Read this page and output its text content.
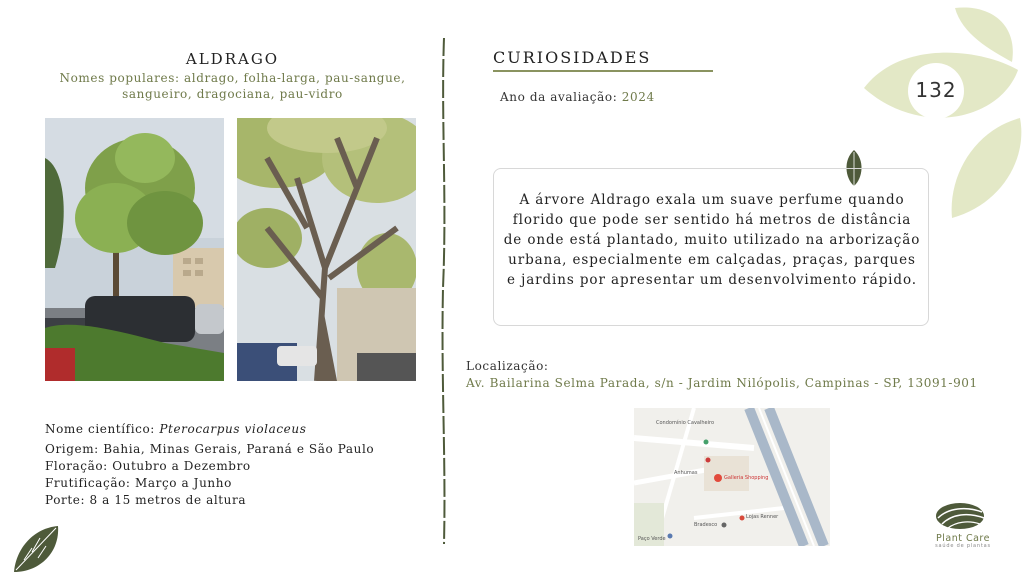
132
ALDRAGO
Nomes populares: aldrago, folha-larga, pau-sangue,
sangueiro, dragociana, pau-vidro
Nome científico: Pterocarpus violaceus
Origem: Bahia, Minas Gerais, Paraná e São Paulo
Floração: Outubro a Dezembro
Frutificação: Março a Junho
Porte: 8 a 15 metros de altura
CURIOSIDADES
Ano da avaliação: 2024
A árvore Aldrago exala um suave perfume quando florido que pode ser sentido há metros de distância de onde está plantado, muito utilizado na arborização urbana, especialmente em calçadas, praças, parques e jardins por apresentar um desenvolvimento rápido.
Localização:
Av. Bailarina Selma Parada, s/n - Jardim Nilópolis, Campinas - SP, 13091-901
Condomínio Cavalheiro
Galleria Shopping
Anhumas
Lojas Renner
Bradesco
Paço Verde	Plant Care
saúde de plantas
